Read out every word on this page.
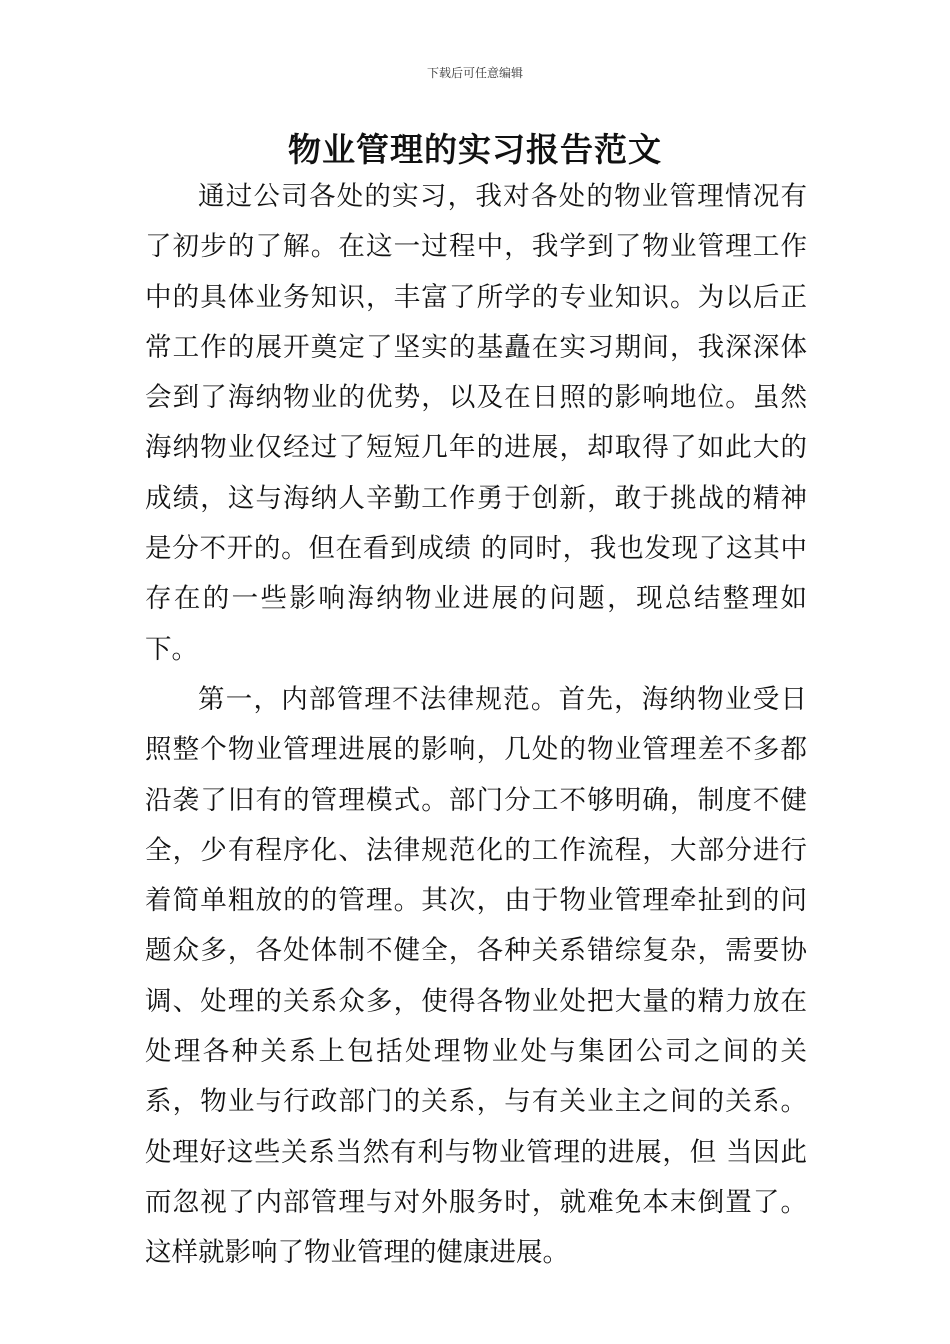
下载后可任意编辑
物业管理的实习报告范文

通过公司各处的实习，我对各处的物业管理情况有了初步的了解。在这一过程中，我学到了物业管理工作中的具体业务知识，丰富了所学的专业知识。为以后正常工作的展开奠定了坚实的基矗在实习期间，我深深体会到了海纳物业的优势，以及在日照的影响地位。虽然海纳物业仅经过了短短几年的进展，却取得了如此大的成绩，这与海纳人辛勤工作勇于创新，敢于挑战的精神是分不开的。但在看到成绩 的同时，我也发现了这其中存在的一些影响海纳物业进展的问题，现总结整理如下。

第一，内部管理不法律规范。首先，海纳物业受日照整个物业管理进展的影响，几处的物业管理差不多都沿袭了旧有的管理模式。部门分工不够明确，制度不健全，少有程序化、法律规范化的工作流程，大部分进行着简单粗放的的管理。其次，由于物业管理牵扯到的问题众多，各处体制不健全，各种关系错综复杂，需要协调、处理的关系众多，使得各物业处把大量的精力放在处理各种关系上包括处理物业处与集团公司之间的关系，物业与行政部门的关系，与有关业主之间的关系。处理好这些关系当然有利与物业管理的进展，但 当因此而忽视了内部管理与对外服务时，就难免本末倒置了。这样就影响了物业管理的健康进展。
